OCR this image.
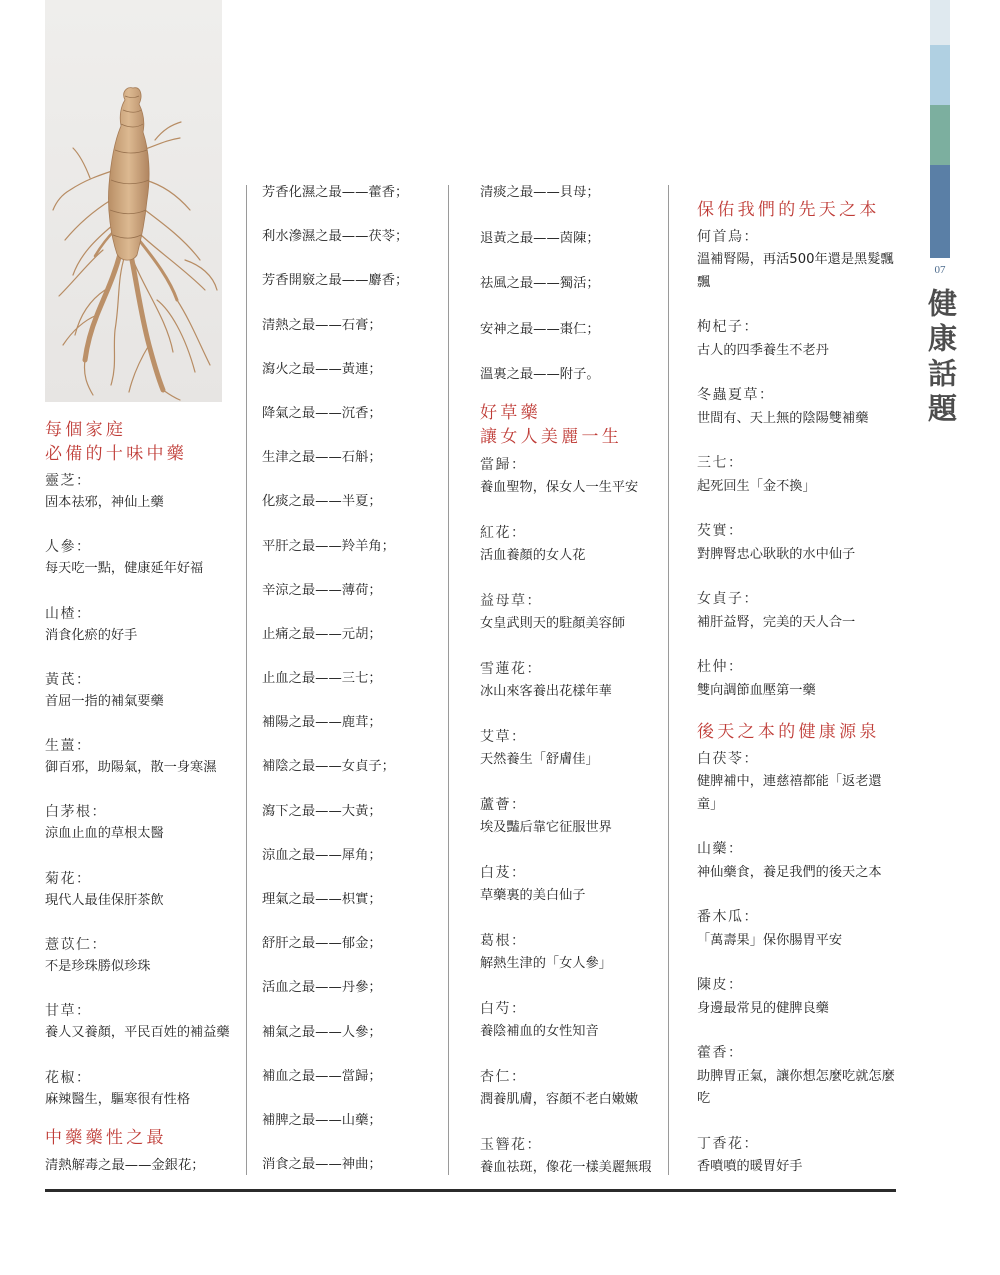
每個家庭
必備的十味中藥
靈芝：
固本祛邪，神仙上藥
人參：
每天吃一點，健康延年好福
山楂：
消食化瘀的好手
黃芪：
首屈一指的補氣要藥
生薑：
御百邪，助陽氣，散一身寒濕
白茅根：
涼血止血的草根太醫
菊花：
現代人最佳保肝茶飲
薏苡仁：
不是珍珠勝似珍珠
甘草：
養人又養顏，平民百姓的補益藥
花椒：
麻辣醫生，驅寒很有性格
中藥藥性之最
清熱解毒之最——金銀花；
芳香化濕之最——藿香；
利水滲濕之最——茯苓；
芳香開竅之最——麝香；
清熱之最——石膏；
瀉火之最——黃連；
降氣之最——沉香；
生津之最——石斛；
化痰之最——半夏；
平肝之最——羚羊角；
辛涼之最——薄荷；
止痛之最——元胡；
止血之最——三七；
補陽之最——鹿茸；
補陰之最——女貞子；
瀉下之最——大黃；
涼血之最——犀角；
理氣之最——枳實；
舒肝之最——郁金；
活血之最——丹參；
補氣之最——人參；
補血之最——當歸；
補脾之最——山藥；
消食之最——神曲；
清痰之最——貝母；
退黃之最——茵陳；
祛風之最——獨活；
安神之最——棗仁；
溫裏之最——附子。
好草藥
讓女人美麗一生
當歸：
養血聖物，保女人一生平安
紅花：
活血養顏的女人花
益母草：
女皇武則天的駐顏美容師
雪蓮花：
冰山來客養出花樣年華
艾草：
天然養生「舒膚佳」
蘆薈：
埃及豔后靠它征服世界
白芨：
草藥裏的美白仙子
葛根：
解熱生津的「女人參」
白芍：
養陰補血的女性知音
杏仁：
潤養肌膚，容顏不老白嫩嫩
玉簪花：
養血祛斑，像花一樣美麗無瑕
保佑我們的先天之本
何首烏：
溫補腎陽，再活500年還是黑髮飄飄
枸杞子：
古人的四季養生不老丹
冬蟲夏草：
世間有、天上無的陰陽雙補藥
三七：
起死回生「金不換」
芡實：
對脾腎忠心耿耿的水中仙子
女貞子：
補肝益腎，完美的天人合一
杜仲：
雙向調節血壓第一藥
後天之本的健康源泉
白茯苓：
健脾補中，連慈禧都能「返老還童」
山藥：
神仙藥食，養足我們的後天之本
番木瓜：
「萬壽果」保你腸胃平安
陳皮：
身邊最常見的健脾良藥
藿香：
助脾胃正氣，讓你想怎麼吃就怎麼吃
丁香花：
香噴噴的暖胃好手
07
健康話題
